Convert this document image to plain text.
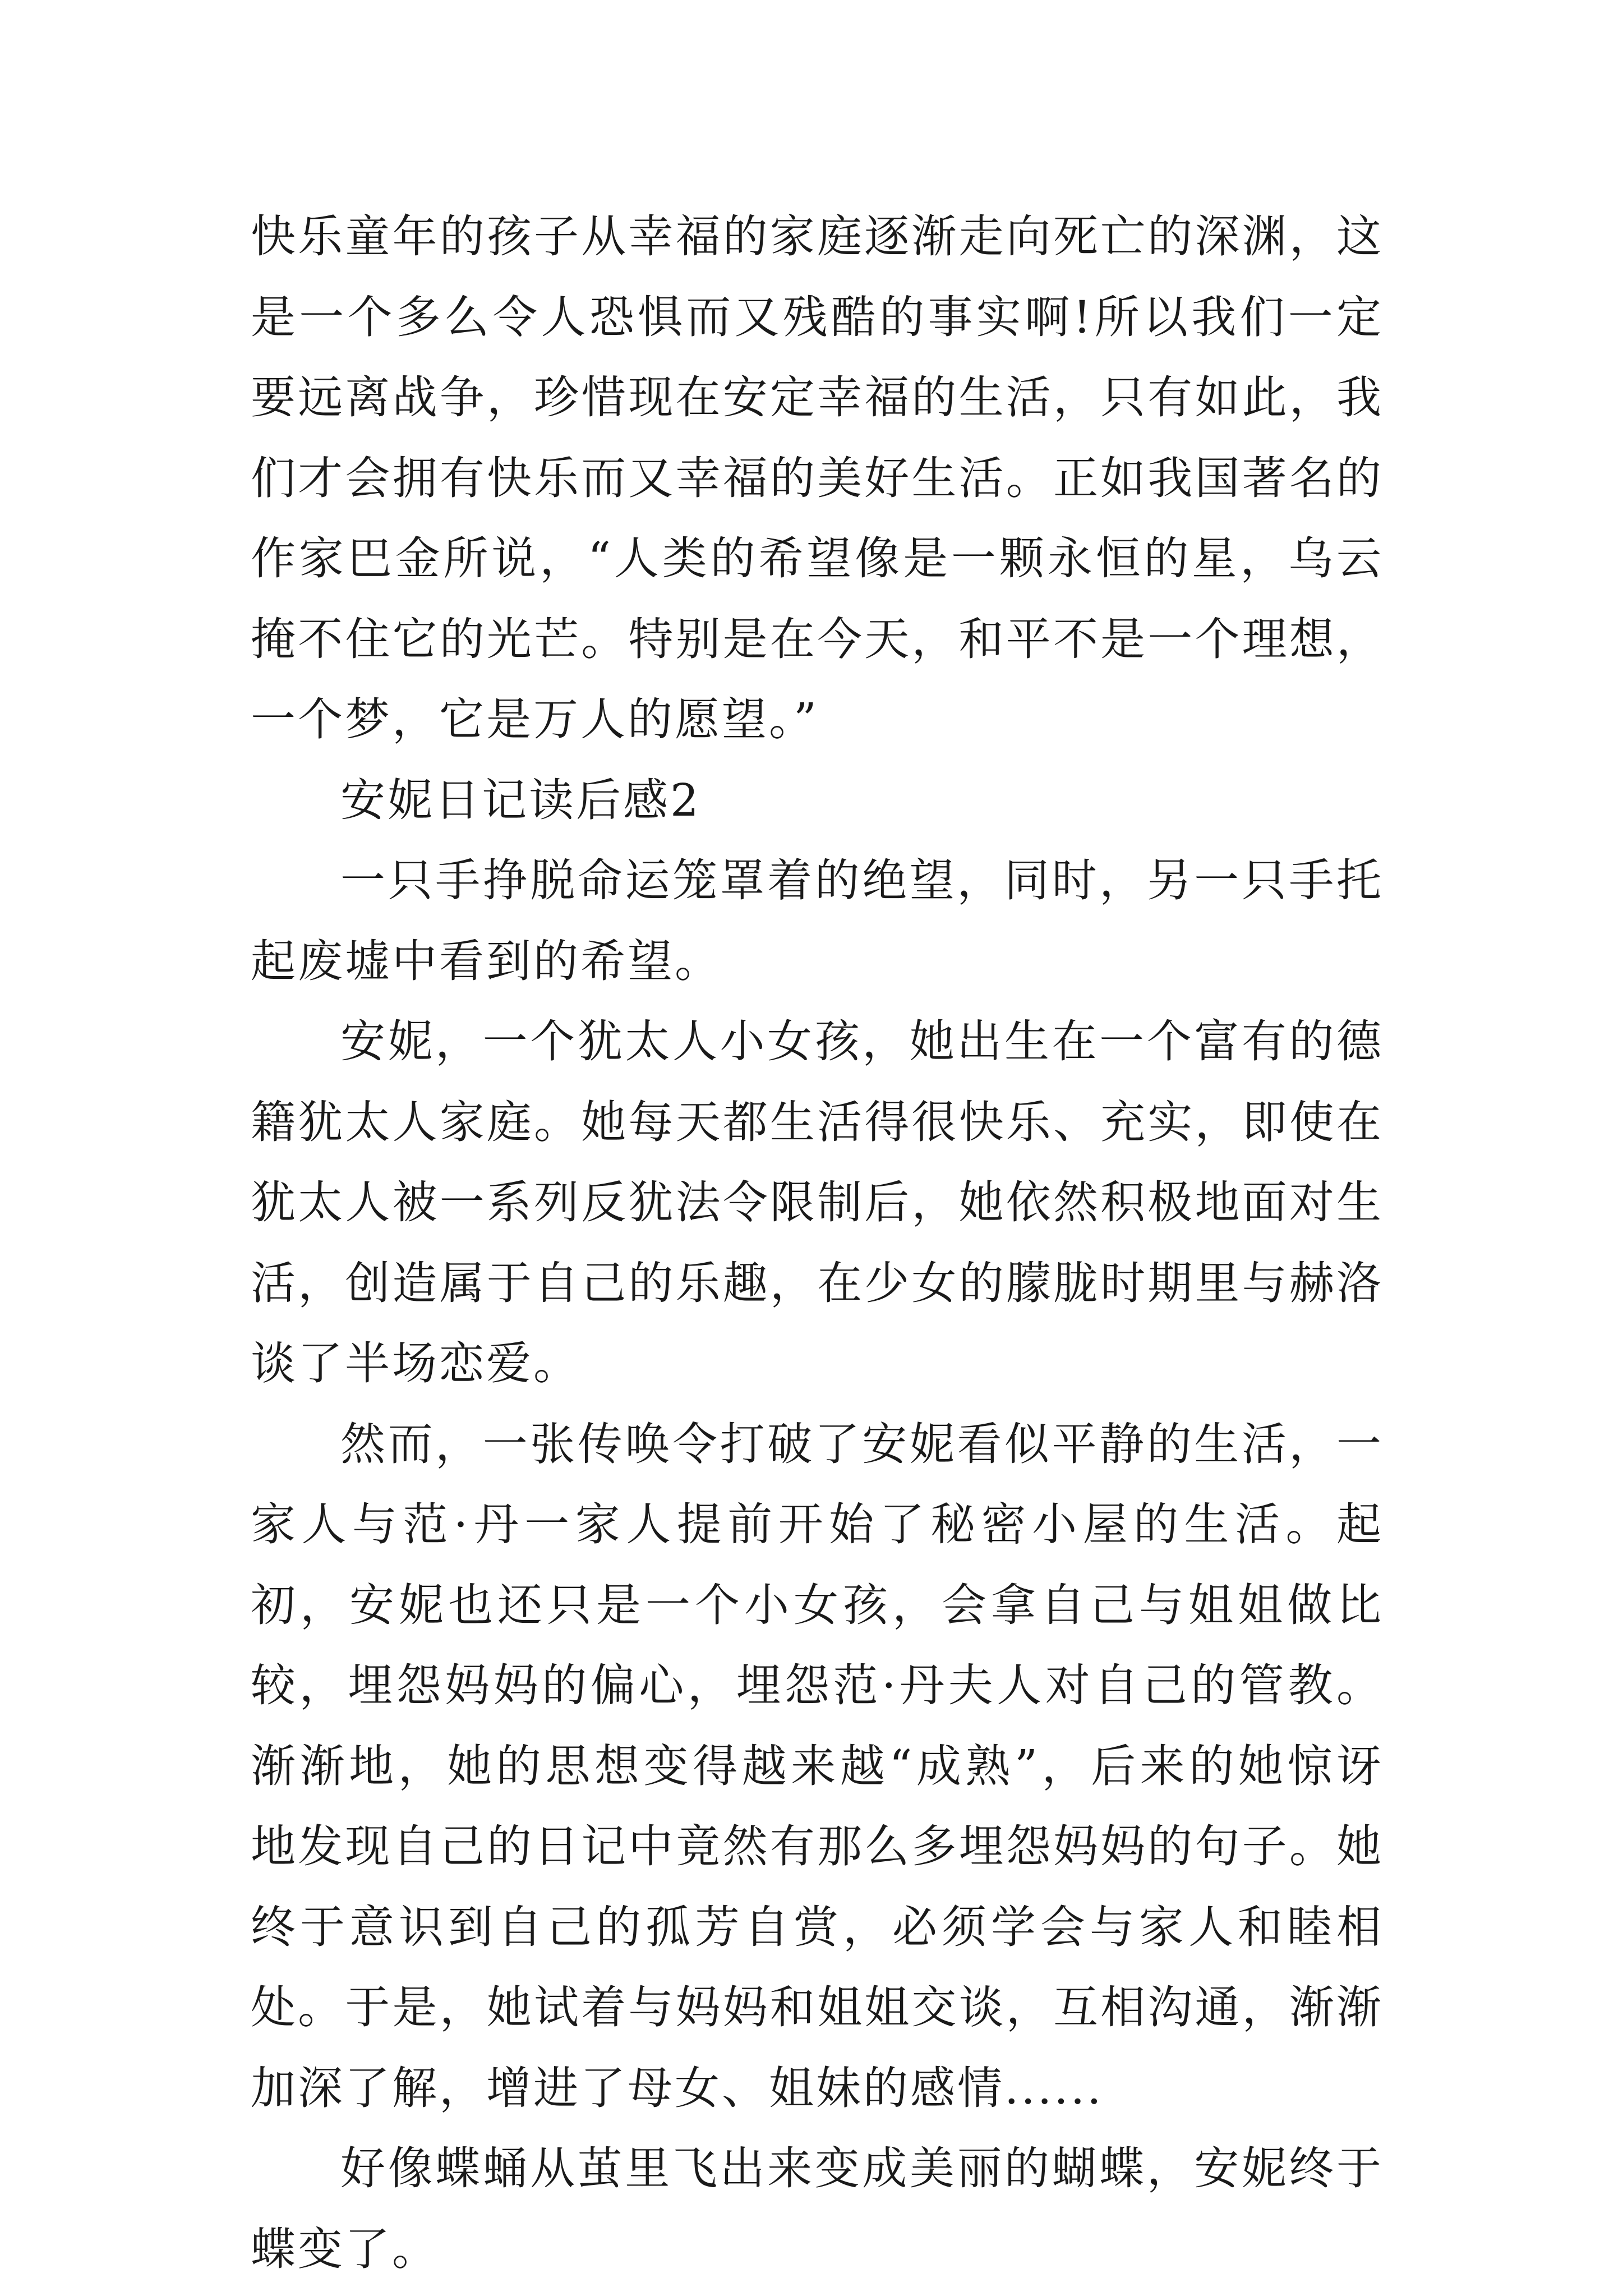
快乐童年的孩子从幸福的家庭逐渐走向死亡的深渊，这是一个多么令人恐惧而又残酷的事实啊!所以我们一定要远离战争，珍惜现在安定幸福的生活，只有如此，我们才会拥有快乐而又幸福的美好生活。正如我国著名的作家巴金所说，“人类的希望像是一颗永恒的星，乌云掩不住它的光芒。特别是在今天，和平不是一个理想，一个梦，它是万人的愿望。”

安妮日记读后感2

一只手挣脱命运笼罩着的绝望，同时，另一只手托起废墟中看到的希望。

安妮，一个犹太人小女孩，她出生在一个富有的德籍犹太人家庭。她每天都生活得很快乐、充实，即使在犹太人被一系列反犹法令限制后，她依然积极地面对生活，创造属于自己的乐趣，在少女的朦胧时期里与赫洛谈了半场恋爱。

然而，一张传唤令打破了安妮看似平静的生活，一家人与范·丹一家人提前开始了秘密小屋的生活。起初，安妮也还只是一个小女孩，会拿自己与姐姐做比较，埋怨妈妈的偏心，埋怨范·丹夫人对自己的管教。渐渐地，她的思想变得越来越“成熟”，后来的她惊讶地发现自己的日记中竟然有那么多埋怨妈妈的句子。她终于意识到自己的孤芳自赏，必须学会与家人和睦相处。于是，她试着与妈妈和姐姐交谈，互相沟通，渐渐加深了解，增进了母女、姐妹的感情......

好像蝶蛹从茧里飞出来变成美丽的蝴蝶，安妮终于蝶变了。
